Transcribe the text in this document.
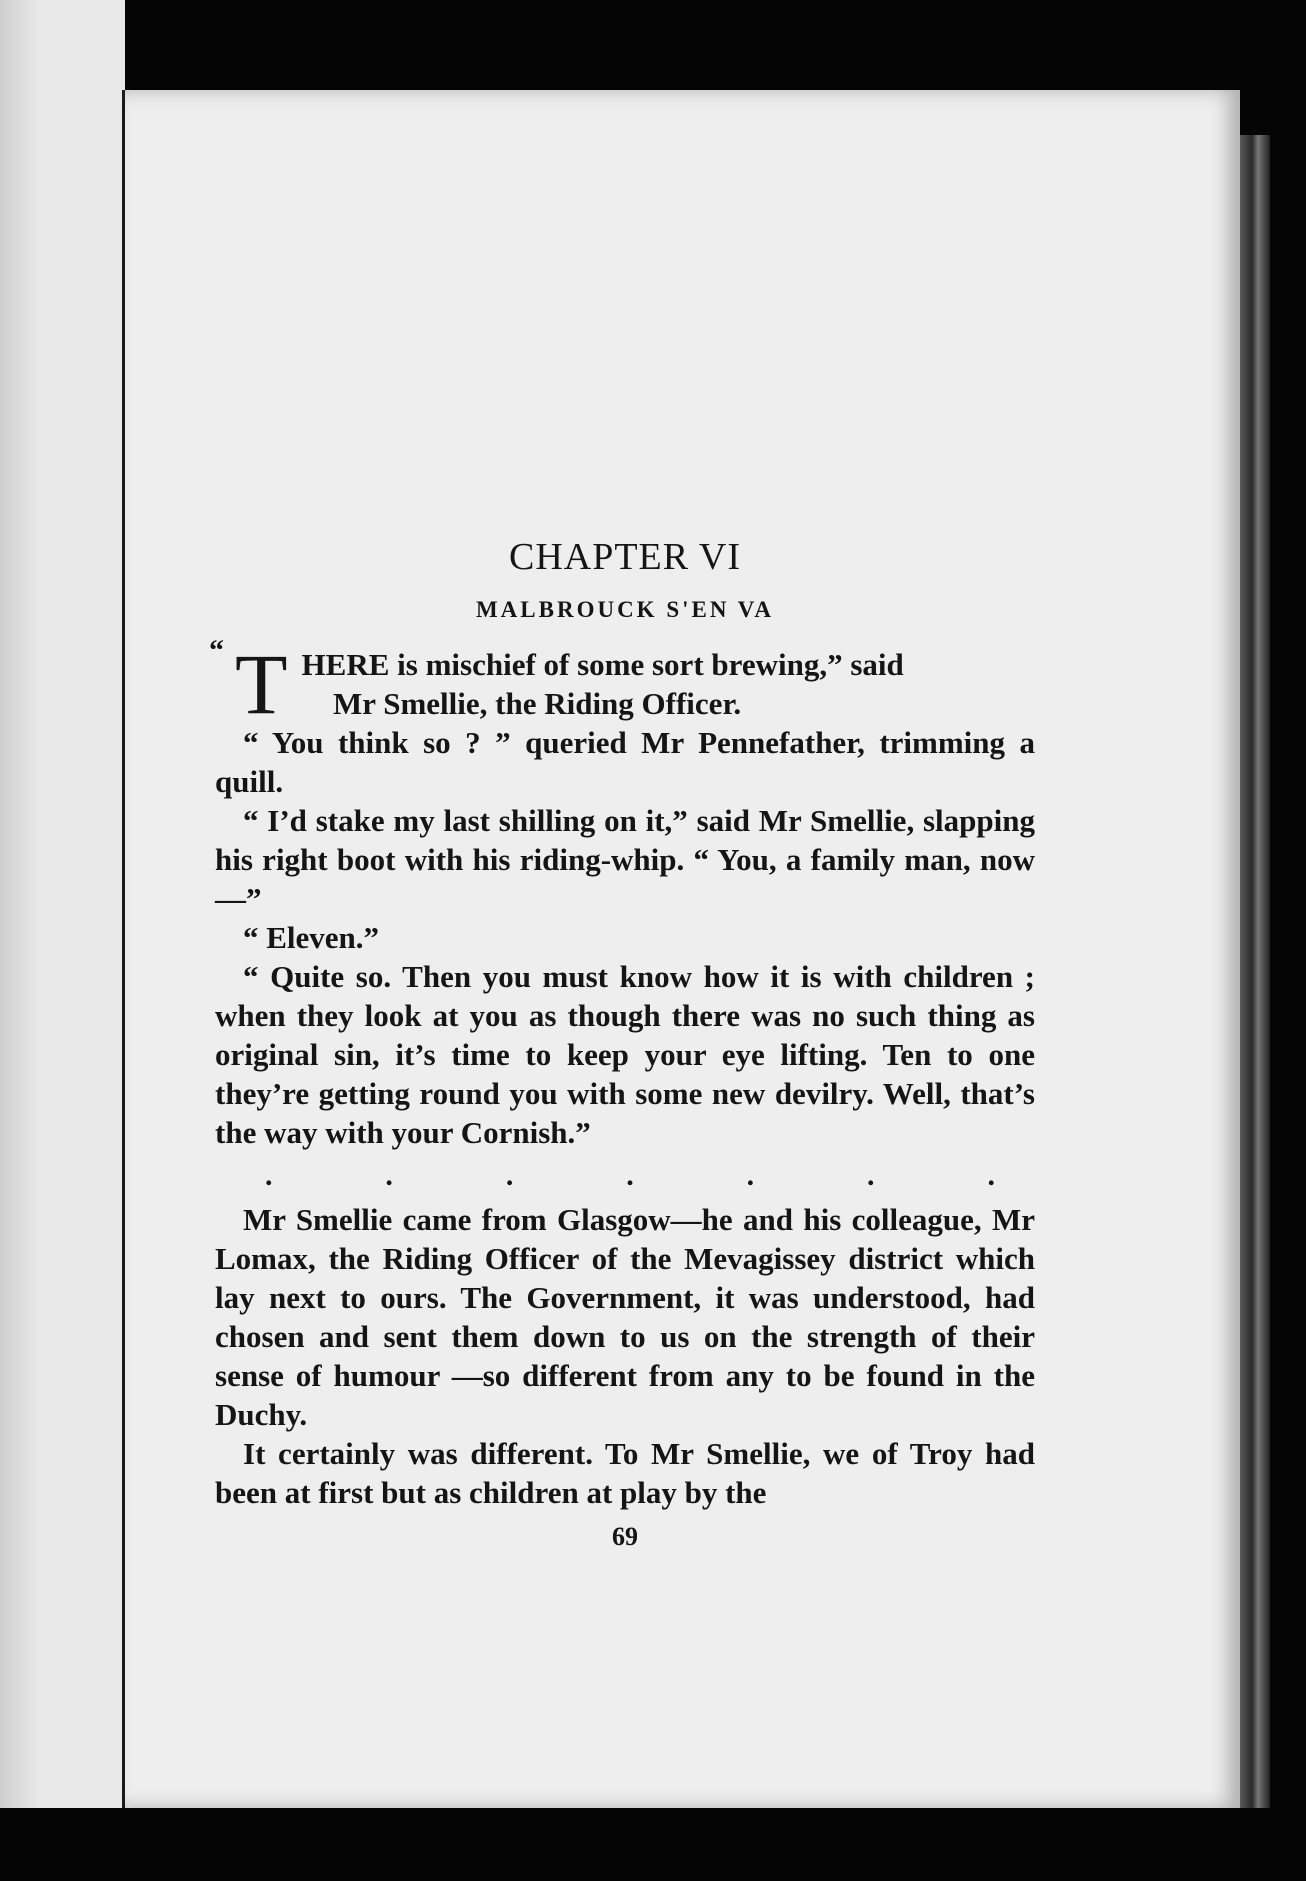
CHAPTER VI
MALBROUCK S'EN VA
“ T HERE is mischief of some sort brewing,” said
Mr Smellie, the Riding Officer.

“ You think so ? ” queried Mr Pennefather, trimming a quill.

“ I’d stake my last shilling on it,” said Mr Smellie, slapping his right boot with his riding-whip. “ You, a family man, now—”

“ Eleven.”

“ Quite so. Then you must know how it is with children ; when they look at you as though there was no such thing as original sin, it’s time to keep your eye lifting. Ten to one they’re getting round you with some new devilry. Well, that’s the way with your Cornish.”

.	.	.	.	.	.	.

Mr Smellie came from Glasgow—he and his colleague, Mr Lomax, the Riding Officer of the Mevagissey district which lay next to ours. The Government, it was understood, had chosen and sent them down to us on the strength of their sense of humour —so different from any to be found in the Duchy.

It certainly was different. To Mr Smellie, we of Troy had been at first but as children at play by the

69
